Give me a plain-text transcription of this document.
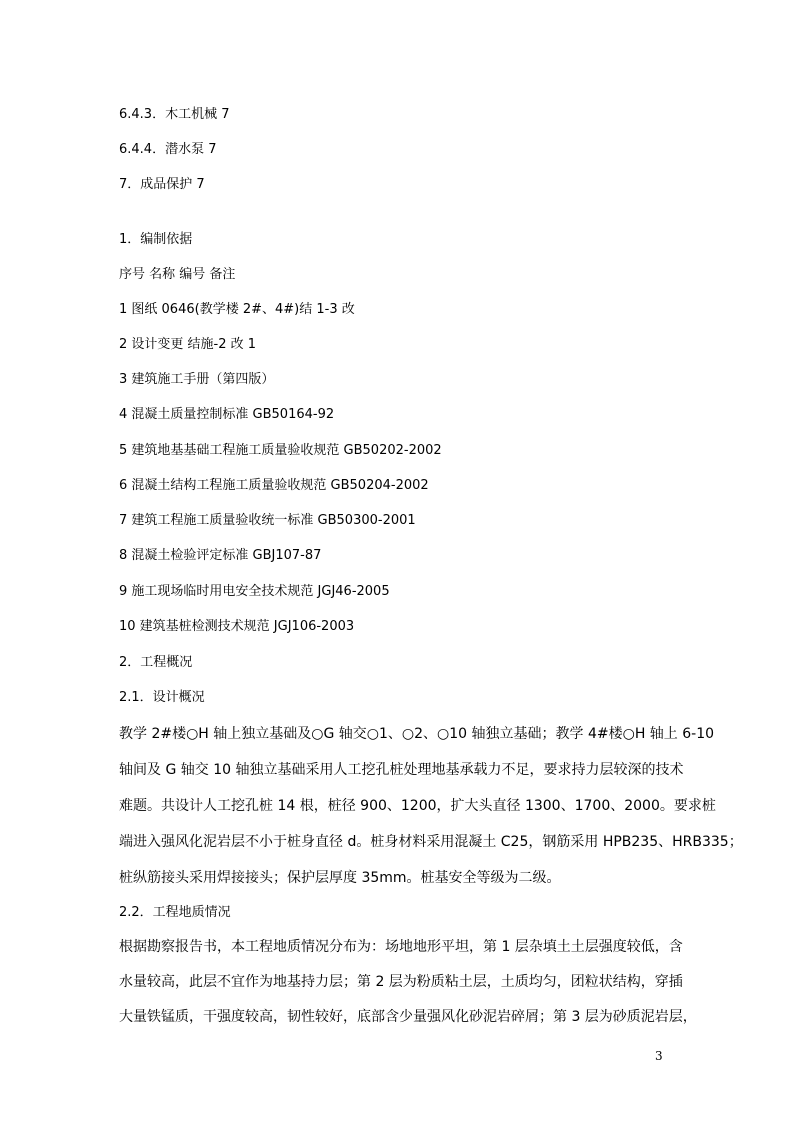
6.4.3．木工机械 7
6.4.4．潜水泵 7
7．成品保护 7
1．编制依据
序号 名称 编号 备注
1 图纸 0646(教学楼 2#、4#)结 1-3 改
2 设计变更 结施-2 改 1
3 建筑施工手册（第四版）
4 混凝土质量控制标准 GB50164-92
5 建筑地基基础工程施工质量验收规范 GB50202-2002
6 混凝土结构工程施工质量验收规范 GB50204-2002
7 建筑工程施工质量验收统一标准 GB50300-2001
8 混凝土检验评定标准 GBJ107-87
9 施工现场临时用电安全技术规范 JGJ46-2005
10 建筑基桩检测技术规范 JGJ106-2003
2．工程概况
2.1．设计概况
教学 2#楼○H 轴上独立基础及○G 轴交○1、○2、○10 轴独立基础；教学 4#楼○H 轴上 6-10
轴间及 G 轴交 10 轴独立基础采用人工挖孔桩处理地基承载力不足，要求持力层较深的技术
难题。共设计人工挖孔桩 14 根，桩径 900、1200，扩大头直径 1300、1700、2000。要求桩
端进入强风化泥岩层不小于桩身直径 d。桩身材料采用混凝土 C25，钢筋采用 HPB235、HRB335；
桩纵筋接头采用焊接接头；保护层厚度 35mm。桩基安全等级为二级。
2.2．工程地质情况
根据勘察报告书，本工程地质情况分布为：场地地形平坦，第 1 层杂填土土层强度较低，含
水量较高，此层不宜作为地基持力层；第 2 层为粉质粘土层，土质均匀，团粒状结构，穿插
大量铁锰质，干强度较高，韧性较好，底部含少量强风化砂泥岩碎屑；第 3 层为砂质泥岩层，
3
